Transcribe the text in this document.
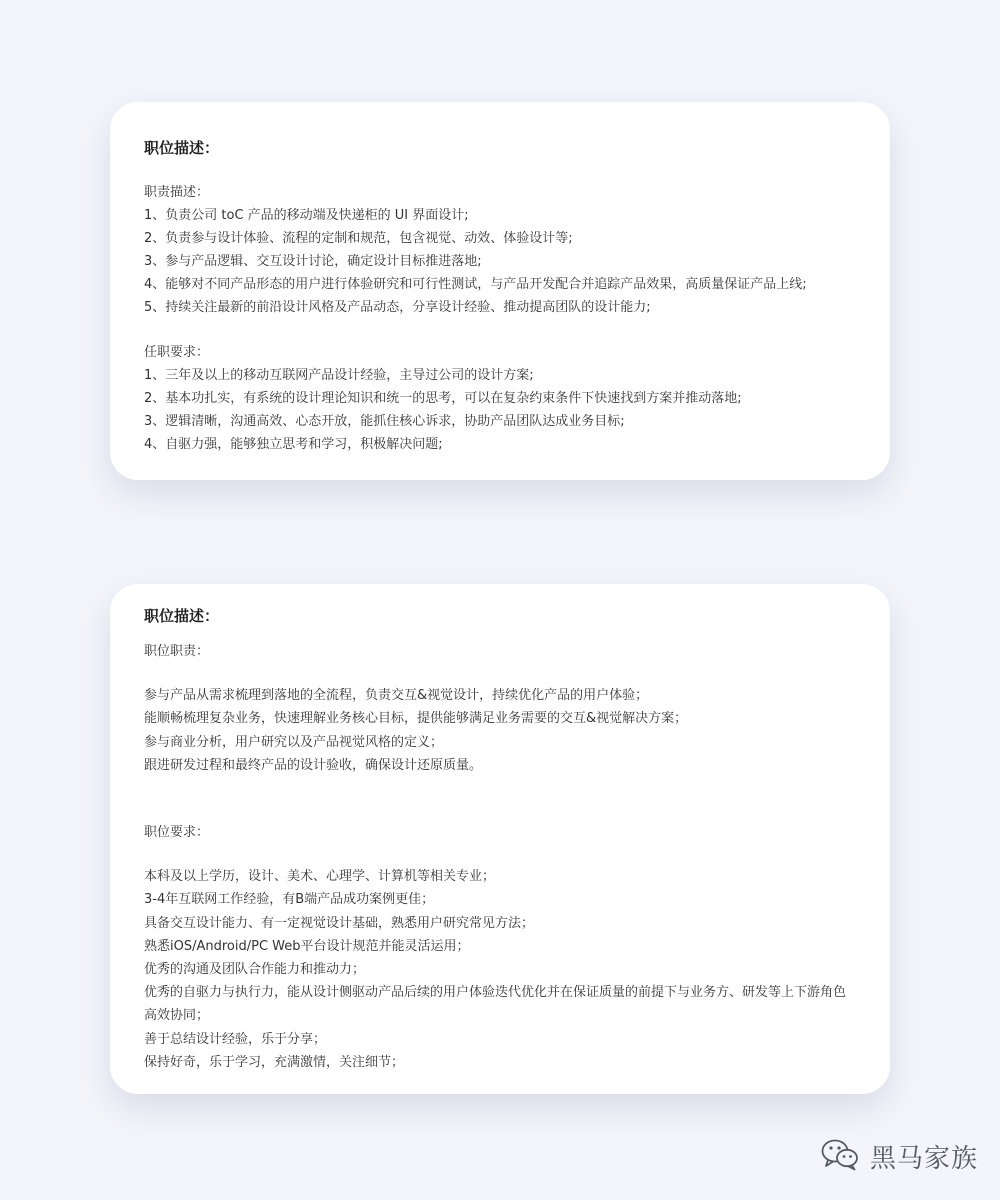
职位描述：

职责描述：

1、负责公司 toC 产品的移动端及快递柜的 UI 界面设计;

2、负责参与设计体验、流程的定制和规范，包含视觉、动效、体验设计等;

3、参与产品逻辑、交互设计讨论，确定设计目标推进落地;

4、能够对不同产品形态的用户进行体验研究和可行性测试，与产品开发配合并追踪产品效果，高质量保证产品上线;

5、持续关注最新的前沿设计风格及产品动态，分享设计经验、推动提高团队的设计能力;

任职要求：

1、三年及以上的移动互联网产品设计经验，主导过公司的设计方案;

2、基本功扎实，有系统的设计理论知识和统一的思考，可以在复杂约束条件下快速找到方案并推动落地;

3、逻辑清晰，沟通高效、心态开放，能抓住核心诉求，协助产品团队达成业务目标;

4、自驱力强，能够独立思考和学习，积极解决问题;

职位描述：

职位职责：

参与产品从需求梳理到落地的全流程，负责交互&视觉设计，持续优化产品的用户体验；

能顺畅梳理复杂业务，快速理解业务核心目标，提供能够满足业务需要的交互&视觉解决方案；

参与商业分析，用户研究以及产品视觉风格的定义；

跟进研发过程和最终产品的设计验收，确保设计还原质量。

职位要求：

本科及以上学历，设计、美术、心理学、计算机等相关专业；

3-4年互联网工作经验，有B端产品成功案例更佳；

具备交互设计能力、有一定视觉设计基础，熟悉用户研究常见方法；

熟悉iOS/Android/PC Web平台设计规范并能灵活运用；

优秀的沟通及团队合作能力和推动力；

优秀的自驱力与执行力，能从设计侧驱动产品后续的用户体验迭代优化并在保证质量的前提下与业务方、研发等上下游角色高效协同；

善于总结设计经验，乐于分享；

保持好奇，乐于学习，充满激情，关注细节；

黑马家族
